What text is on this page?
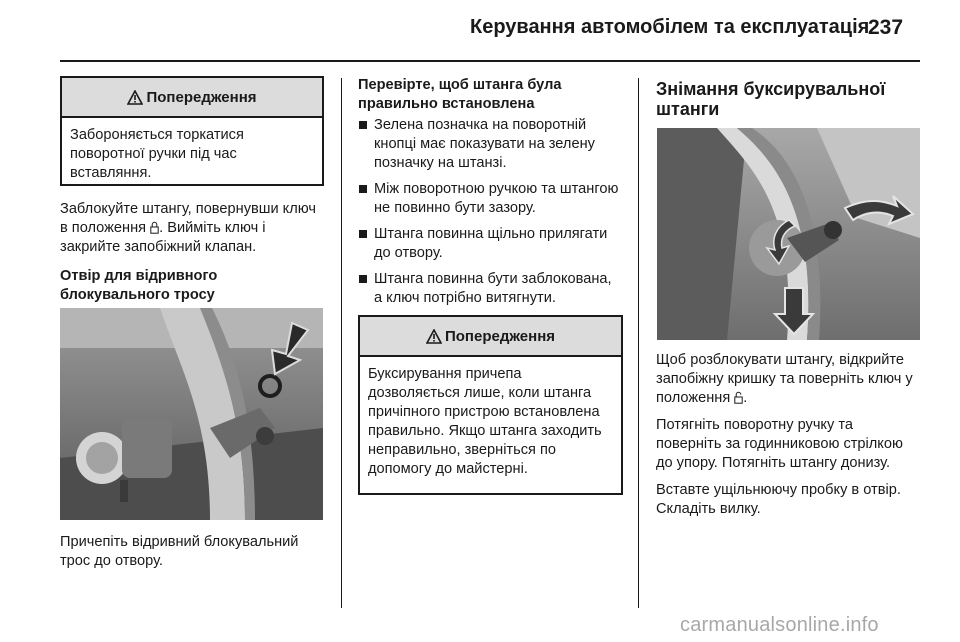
Керування автомобілем та експлуатація
237
Попередження
Забороняється торкатися поворотної ручки під час вставляння.

Заблокуйте штангу, повернувши ключ в положення . Вийміть ключ і закрийте запобіжний клапан.

Отвір для відривного блокувального тросу

Причепіть відривний блокувальний трос до отвору.

Перевірте, щоб штанга була правильно встановлена

Зелена позначка на поворотній кнопці має показувати на зелену позначку на штанзі.
Між поворотною ручкою та штангою не повинно бути зазору.
Штанга повинна щільно прилягати до отвору.
Штанга повинна бути заблокована, а ключ потрібно витягнути.
Попередження
Буксирування причепа дозволяється лише, коли штанга причіпного пристрою встановлена правильно. Якщо штанга заходить неправильно, зверніться по допомогу до майстерні.

Знімання буксирувальної штанги

Щоб розблокувати штангу, відкрийте запобіжну кришку та поверніть ключ у положення .

Потягніть поворотну ручку та поверніть за годинниковою стрілкою до упору. Потягніть штангу донизу.

Вставте ущільнюючу пробку в отвір. Складіть вилку.

carmanualsonline.info
